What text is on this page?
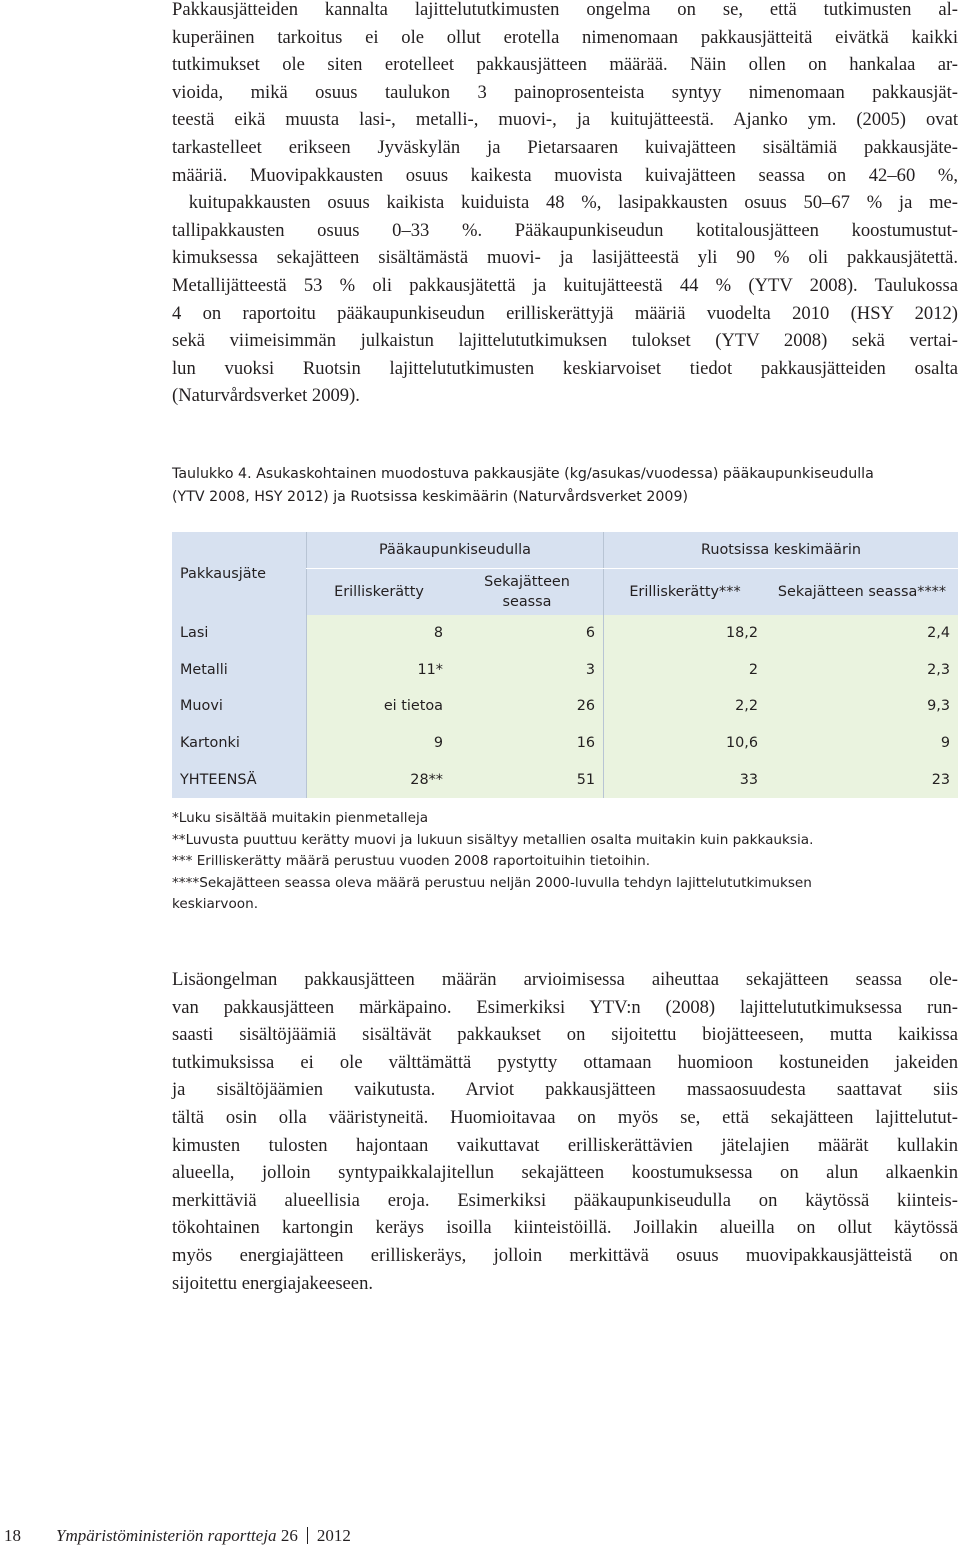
Pakkausjätteiden kannalta lajittelututkimusten ongelma on se, että tutkimusten al-
kuperäinen tarkoitus ei ole ollut erotella nimenomaan pakkausjätteitä eivätkä kaikki
tutkimukset ole siten erotelleet pakkausjätteen määrää. Näin ollen on hankalaa ar-
vioida, mikä osuus taulukon 3 painoprosenteista syntyy nimenomaan pakkausjät-
teestä eikä muusta lasi-, metalli-, muovi-, ja kuitujätteestä. Ajanko ym. (2005) ovat
tarkastelleet erikseen Jyväskylän ja Pietarsaaren kuivajätteen sisältämiä pakkausjäte-
määriä. Muovipakkausten osuus kaikesta muovista kuivajätteen seassa on 42–60 %,
kuitupakkausten osuus kaikista kuiduista 48 %, lasipakkausten osuus 50–67 % ja me-
tallipakkausten osuus 0–33 %. Pääkaupunkiseudun kotitalousjätteen koostumustut-
kimuksessa sekajätteen sisältämästä muovi- ja lasijätteestä yli 90 % oli pakkausjätettä.
Metallijätteestä 53 % oli pakkausjätettä ja kuitujätteestä 44 % (YTV 2008). Taulukossa
4 on raportoitu pääkaupunkiseudun erilliskerättyjä määriä vuodelta 2010 (HSY 2012)
sekä viimeisimmän julkaistun lajittelututkimuksen tulokset (YTV 2008) sekä vertai-
lun vuoksi Ruotsin lajittelututkimusten keskiarvoiset tiedot pakkausjätteiden osalta
(Naturvårdsverket 2009).
Taulukko 4. Asukaskohtainen muodostuva pakkausjäte (kg/asukas/vuodessa) pääkaupunkiseudulla
(YTV 2008, HSY 2012) ja Ruotsissa keskimäärin (Naturvårdsverket 2009)
Pakkausjäte	Pääkaupunkiseudulla		Ruotsissa keskimäärin	
	Erilliskerätty	Sekajätteen
seassa	Erilliskerätty***	Sekajätteen seassa****
Lasi	8	6	18,2	2,4
Metalli	11*	3	2	2,3
Muovi	ei tietoa	26	2,2	9,3
Kartonki	9	16	10,6	9
YHTEENSÄ	28**	51	33	23
*Luku sisältää muitakin pienmetalleja
**Luvusta puuttuu kerätty muovi ja lukuun sisältyy metallien osalta muitakin kuin pakkauksia.
*** Erilliskerätty määrä perustuu vuoden 2008 raportoituihin tietoihin.
****Sekajätteen seassa oleva määrä perustuu neljän 2000-luvulla tehdyn lajittelututkimuksen
keskiarvoon.
Lisäongelman pakkausjätteen määrän arvioimisessa aiheuttaa sekajätteen seassa ole-
van pakkausjätteen märkäpaino. Esimerkiksi YTV:n (2008) lajittelututkimuksessa run-
saasti sisältöjäämiä sisältävät pakkaukset on sijoitettu biojätteeseen, mutta kaikissa
tutkimuksissa ei ole välttämättä pystytty ottamaan huomioon kostuneiden jakeiden
ja sisältöjäämien vaikutusta. Arviot pakkausjätteen massaosuudesta saattavat siis
tältä osin olla vääristyneitä. Huomioitavaa on myös se, että sekajätteen lajittelutut-
kimusten tulosten hajontaan vaikuttavat erilliskerättävien jätelajien määrät kullakin
alueella, jolloin syntypaikkalajitellun sekajätteen koostumuksessa on alun alkaenkin
merkittäviä alueellisia eroja. Esimerkiksi pääkaupunkiseudulla on käytössä kiinteis-
tökohtainen kartongin keräys isoilla kiinteistöillä. Joillakin alueilla on ollut käytössä
myös energiajätteen erilliskeräys, jolloin merkittävä osuus muovipakkausjätteistä on
sijoitettu energiajakeeseen.
18 Ympäristöministeriön raportteja 26 2012
